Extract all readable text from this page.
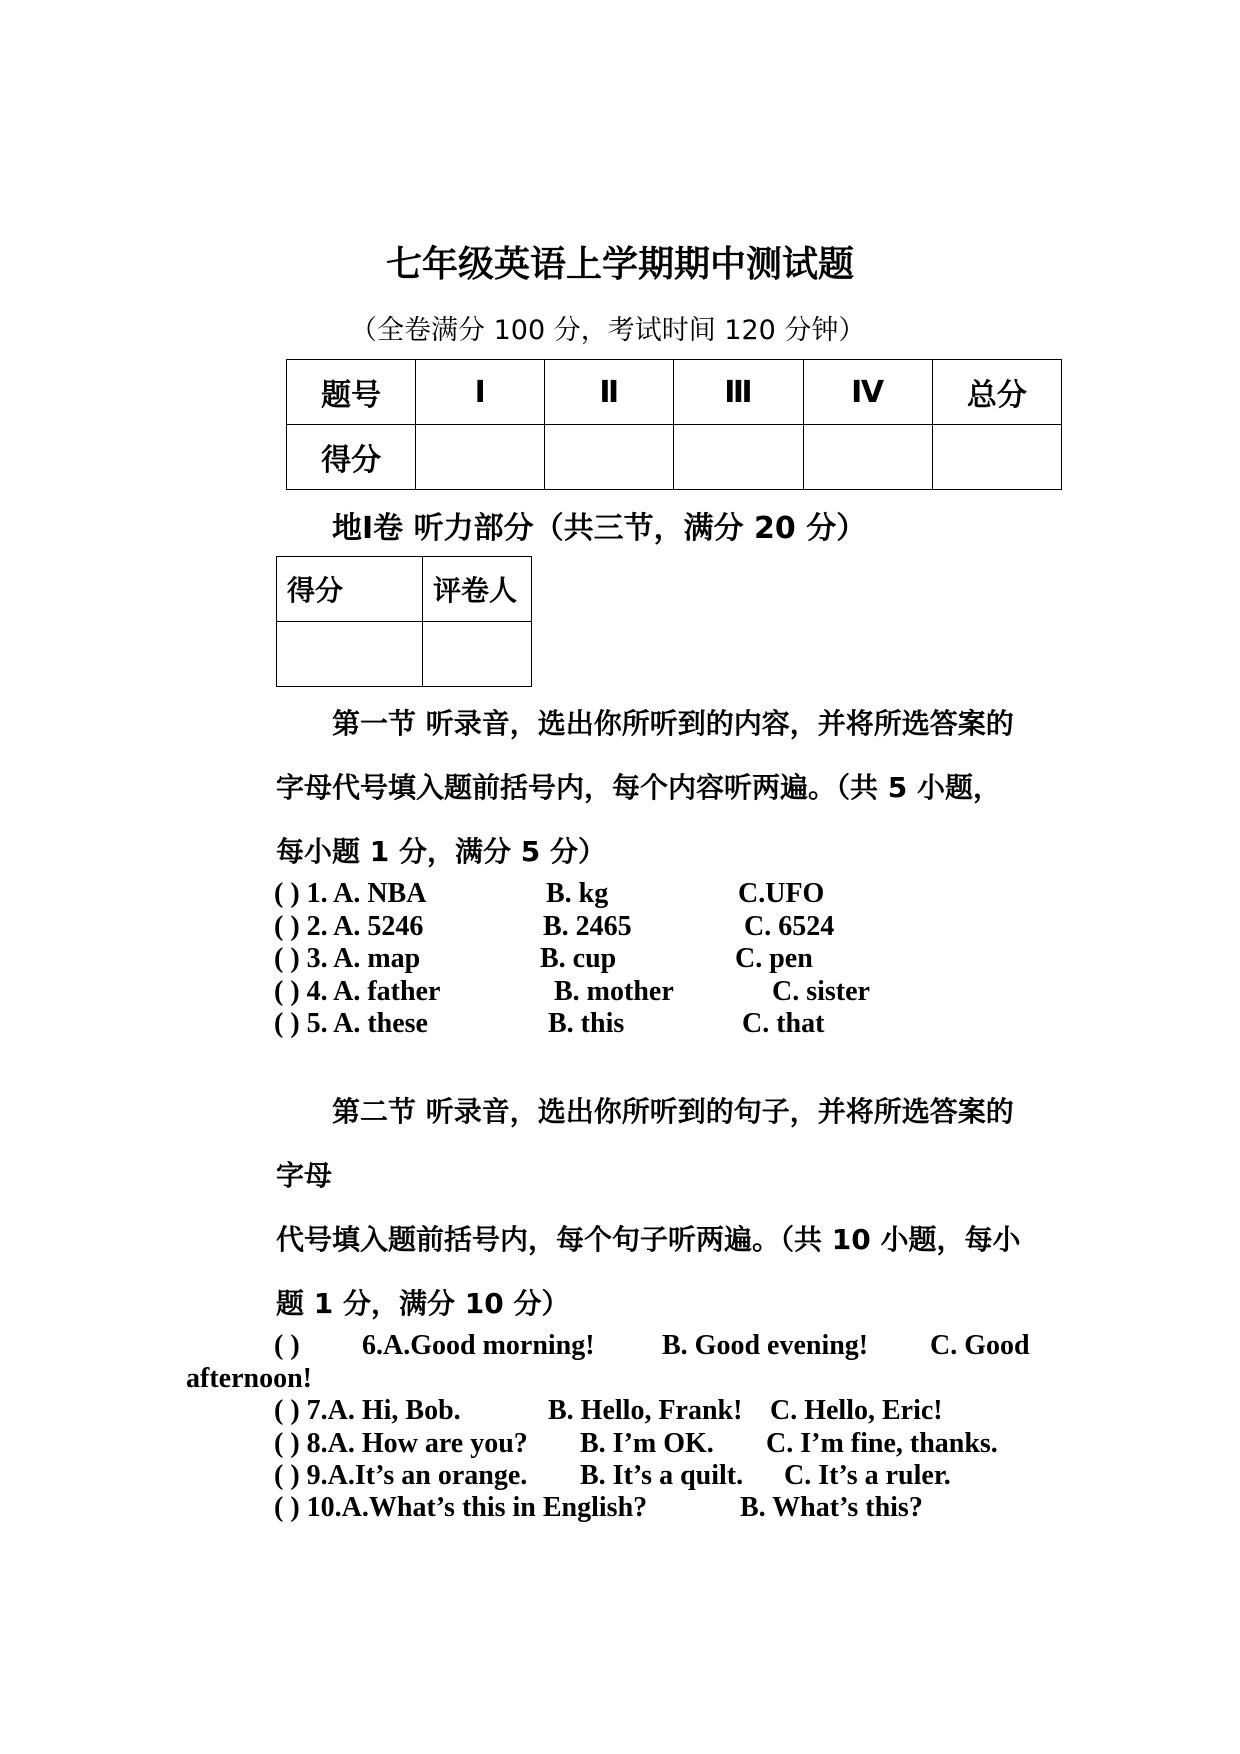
七年级英语上学期期中测试题
（全卷满分 100 分，考试时间 120 分钟）
题号	Ⅰ	Ⅱ	Ⅲ	Ⅳ	总分
得分					
地Ⅰ卷 听力部分（共三节，满分 20 分）
得分	评卷人

第一节 听录音，选出你所听到的内容，并将所选答案的
字母代号填入题前括号内，每个内容听两遍。（共 5 小题，
每小题 1 分，满分 5 分）
( ) 1. A. NBA	B. kg	C.UFO
( ) 2. A. 5246	B. 2465	C. 6524
( ) 3. A. map	B. cup	C. pen
( ) 4. A. father	B. mother	C. sister
( ) 5. A. these	B. this	C. that
第二节 听录音，选出你所听到的句子，并将所选答案的
字母
代号填入题前括号内，每个句子听两遍。（共 10 小题，每小
题 1 分，满分 10 分）
( ) 6.A.Good morning! B. Good evening! C. Good
afternoon!
( ) 7.A. Hi, Bob.	B. Hello, Frank! C. Hello, Eric!
( ) 8.A. How are you? B. I’m OK. C. I’m fine, thanks.
( ) 9.A.It’s an orange. B. It’s a quilt. C. It’s a ruler.
( ) 10.A.What’s this in English?	B. What’s this?
